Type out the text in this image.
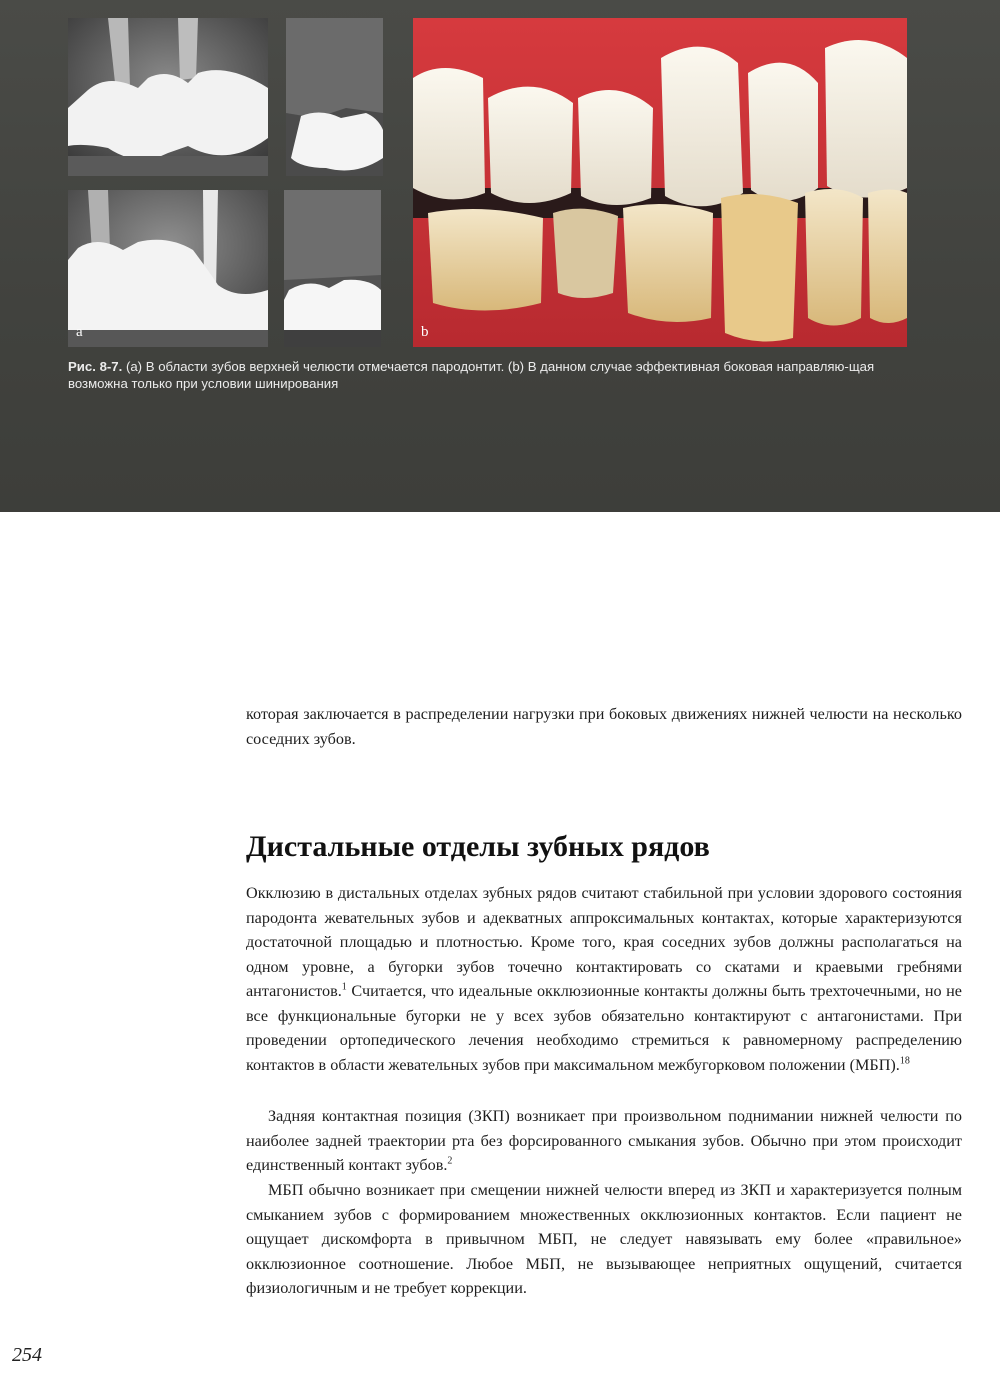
a	b
Рис. 8-7. (a) В области зубов верхней челюсти отмечается пародонтит. (b) В данном случае эффективная боковая направляю-щая возможна только при условии шинирования

которая заключается в распределении нагрузки при боковых движениях нижней челюсти на несколько соседних зубов.

Дистальные отделы зубных рядов

Окклюзию в дистальных отделах зубных рядов считают стабильной при условии здорового состояния пародонта жевательных зубов и адекватных аппроксимальных контактах, которые характеризуются достаточной площадью и плотностью. Кроме того, края соседних зубов должны располагаться на одном уровне, а бугорки зубов точечно контактировать со скатами и краевыми гребнями антагонистов.$^1$ Считается, что идеальные окклюзионные контакты должны быть трехточечными, но не все функциональные бугорки не у всех зубов обязательно контактируют с антагонистами. При проведении ортопедического лечения необходимо стремиться к равномерному распределению контактов в области жевательных зубов при максимальном межбугорковом положении (МБП).$^{18}$

Задняя контактная позиция (ЗКП) возникает при произвольном поднимании нижней челюсти по наиболее задней траектории рта без форсированного смыкания зубов. Обычно при этом происходит единственный контакт зубов.$^2$

МБП обычно возникает при смещении нижней челюсти вперед из ЗКП и характеризуется полным смыканием зубов с формированием множественных окклюзионных контактов. Если пациент не ощущает дискомфорта в привычном МБП, не следует навязывать ему более «правильное» окклюзионное соотношение. Любое МБП, не вызывающее неприятных ощущений, считается физиологичным и не требует коррекции.

254
